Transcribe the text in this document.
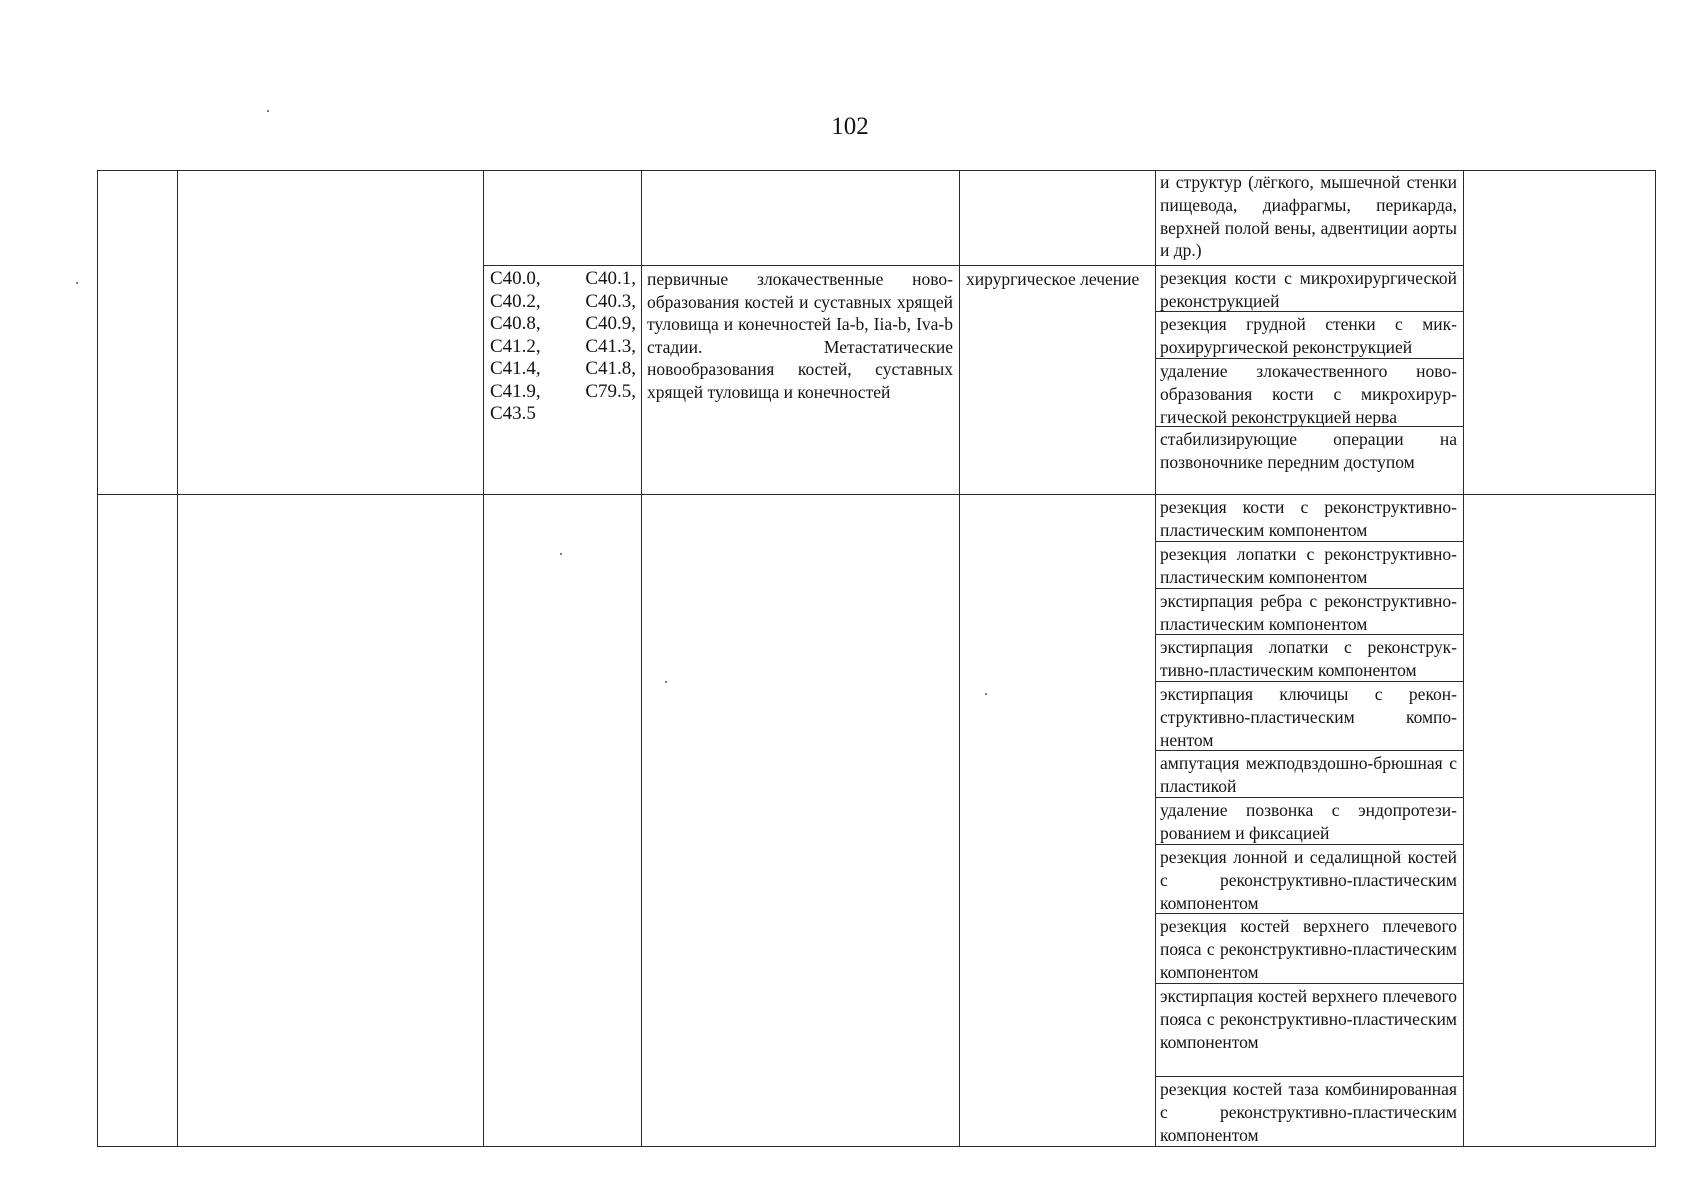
102
и структур (лёгкого, мышечной стенки пищевода, диафрагмы, перикарда, верхней полой вены, адвентиции аорты и др.)
C40.0, C40.1,
C40.2, C40.3,
C40.8, C40.9,
C41.2, C41.3,
C41.4, C41.8,
C41.9, C79.5,
C43.5
первичные злокачественные новообразования костей и суставных хрящей туловища и конечностей Ia-b, Iia-b, Iva-b стадии. Метастатические новообразования костей, суставных хрящей туловища и конечностей
хирургическое лечение	резекция кости с микрохирургической реконструкцией
резекция грудной стенки с микрохирургической реконструкцией
удаление злокачественного новообразования кости с микрохирургической реконструкцией нерва
стабилизирующие операции на позвоночнике передним доступом
резекция кости с реконструктивно-пластическим компонентом
резекция лопатки с реконструктивно-пластическим компонентом
экстирпация ребра с реконструктивно-пластическим компонентом
экстирпация лопатки с реконструктивно-пластическим компонентом
экстирпация ключицы с реконструктивно-пластическим компонентом
ампутация межподвздошно-брюшная с пластикой
удаление позвонка с эндопротезированием и фиксацией
резекция лонной и седалищной костей с реконструктивно-пластическим компонентом
резекция костей верхнего плечевого пояса с реконструктивно-пластическим компонентом
экстирпация костей верхнего плечевого пояса с реконструктивно-пластическим компонентом
резекция костей таза комбинированная с реконструктивно-пластическим компонентом
